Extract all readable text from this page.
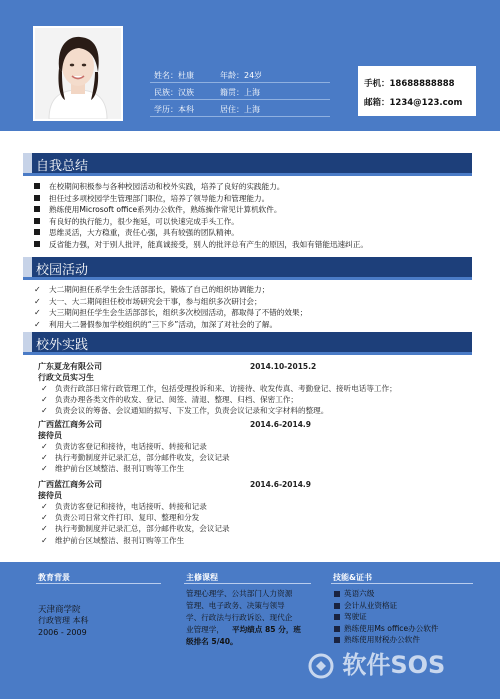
姓名：杜康	年龄：24岁
民族：汉族	籍贯：上海
学历：本科	居住：上海
手机：18688888888
邮箱：1234@123.com
自我总结
在校期间积极参与各种校园活动和校外实践，培养了良好的实践能力。
担任过多项校园学生管理部门职位，培养了领导能力和管理能力。
熟练使用Microsoft office系列办公软件，熟练操作常见计算机软件。
有良好的执行能力，很少拖延，可以快速完成手头工作。
思维灵活，大方稳重，责任心强，具有较强的团队精神。
反省能力强，对于别人批评，能真诚接受，别人的批评总有产生的原因，我如有错能迅速纠正。
校园活动
✓ 大二期间担任系学生会生活部部长，锻炼了自己的组织协调能力；
✓ 大一、大二期间担任校市场研究会干事，参与组织多次研讨会；
✓ 大三期间担任学生会生活部部长，组织多次校园活动，都取得了不错的效果；
✓ 利用大二暑假参加学校组织的“三下乡”活动，加深了对社会的了解。
校外实践
广东夏龙有限公司	2014.10-2015.2
行政文员实习生
✓ 负责行政部日常行政管理工作，包括受理投诉和来、访接待、收发传真、考勤登记、接听电话等工作；
✓ 负责办理各类文件的收发、登记、阅签、清退、整理、归档、保密工作；
✓ 负责会议的筹备、会议通知的拟写、下发工作，负责会议记录和文字材料的整理。
广西蓝江商务公司	2014.6-2014.9
接待员
✓ 负责访客登记和接待，电话接听、转接和记录
✓ 执行考勤制度并记录汇总，部分邮件收发，会议记录
✓ 维护前台区域整洁、报刊订购等工作生
广西蓝江商务公司	2014.6-2014.9
接待员
✓ 负责访客登记和接待，电话接听、转接和记录
✓ 负责公司日常文件打印、复印、整理和分发
✓ 执行考勤制度并记录汇总，部分邮件收发，会议记录
✓ 维护前台区域整洁、报刊订购等工作生
教育背景
天津商学院
行政管理 本科
2006 - 2009
主修课程
管理心理学、公共部门人力资源
管理、电子政务、决策与领导
学、行政法与行政诉讼、现代企
业管理学， 平均绩点 85 分，班
级排名 5/40。
技能&证书
英语六级
会计从业资格证
驾驶证
熟练使用Ms office办公软件
熟练使用财税办公软件
软件SOS
